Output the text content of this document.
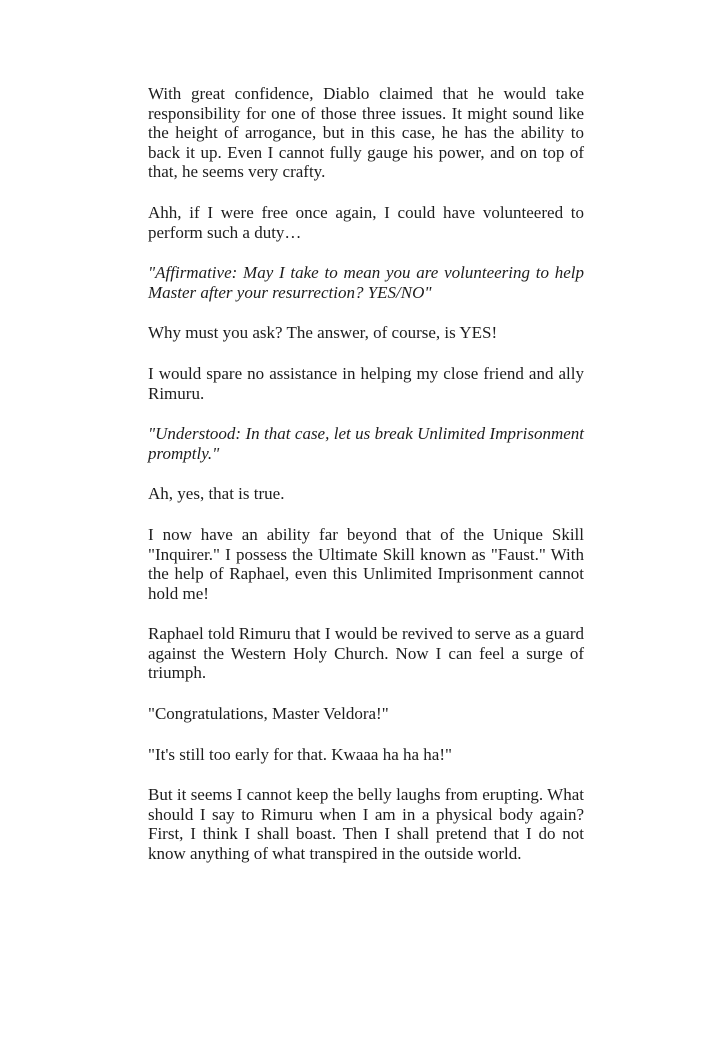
With great confidence, Diablo claimed that he would take responsibility for one of those three issues. It might sound like the height of arrogance, but in this case, he has the ability to back it up. Even I cannot fully gauge his power, and on top of that, he seems very crafty.

Ahh, if I were free once again, I could have volunteered to perform such a duty…

"Affirmative: May I take to mean you are volunteering to help Master after your resurrection? YES/NO"

Why must you ask? The answer, of course, is YES!

I would spare no assistance in helping my close friend and ally Rimuru.

"Understood: In that case, let us break Unlimited Imprisonment promptly."

Ah, yes, that is true.

I now have an ability far beyond that of the Unique Skill "Inquirer." I possess the Ultimate Skill known as "Faust." With the help of Raphael, even this Unlimited Imprisonment cannot hold me!

Raphael told Rimuru that I would be revived to serve as a guard against the Western Holy Church. Now I can feel a surge of triumph.

"Congratulations, Master Veldora!"

"It's still too early for that. Kwaaa ha ha ha!"

But it seems I cannot keep the belly laughs from erupting. What should I say to Rimuru when I am in a physical body again? First, I think I shall boast. Then I shall pretend that I do not know anything of what transpired in the outside world.
